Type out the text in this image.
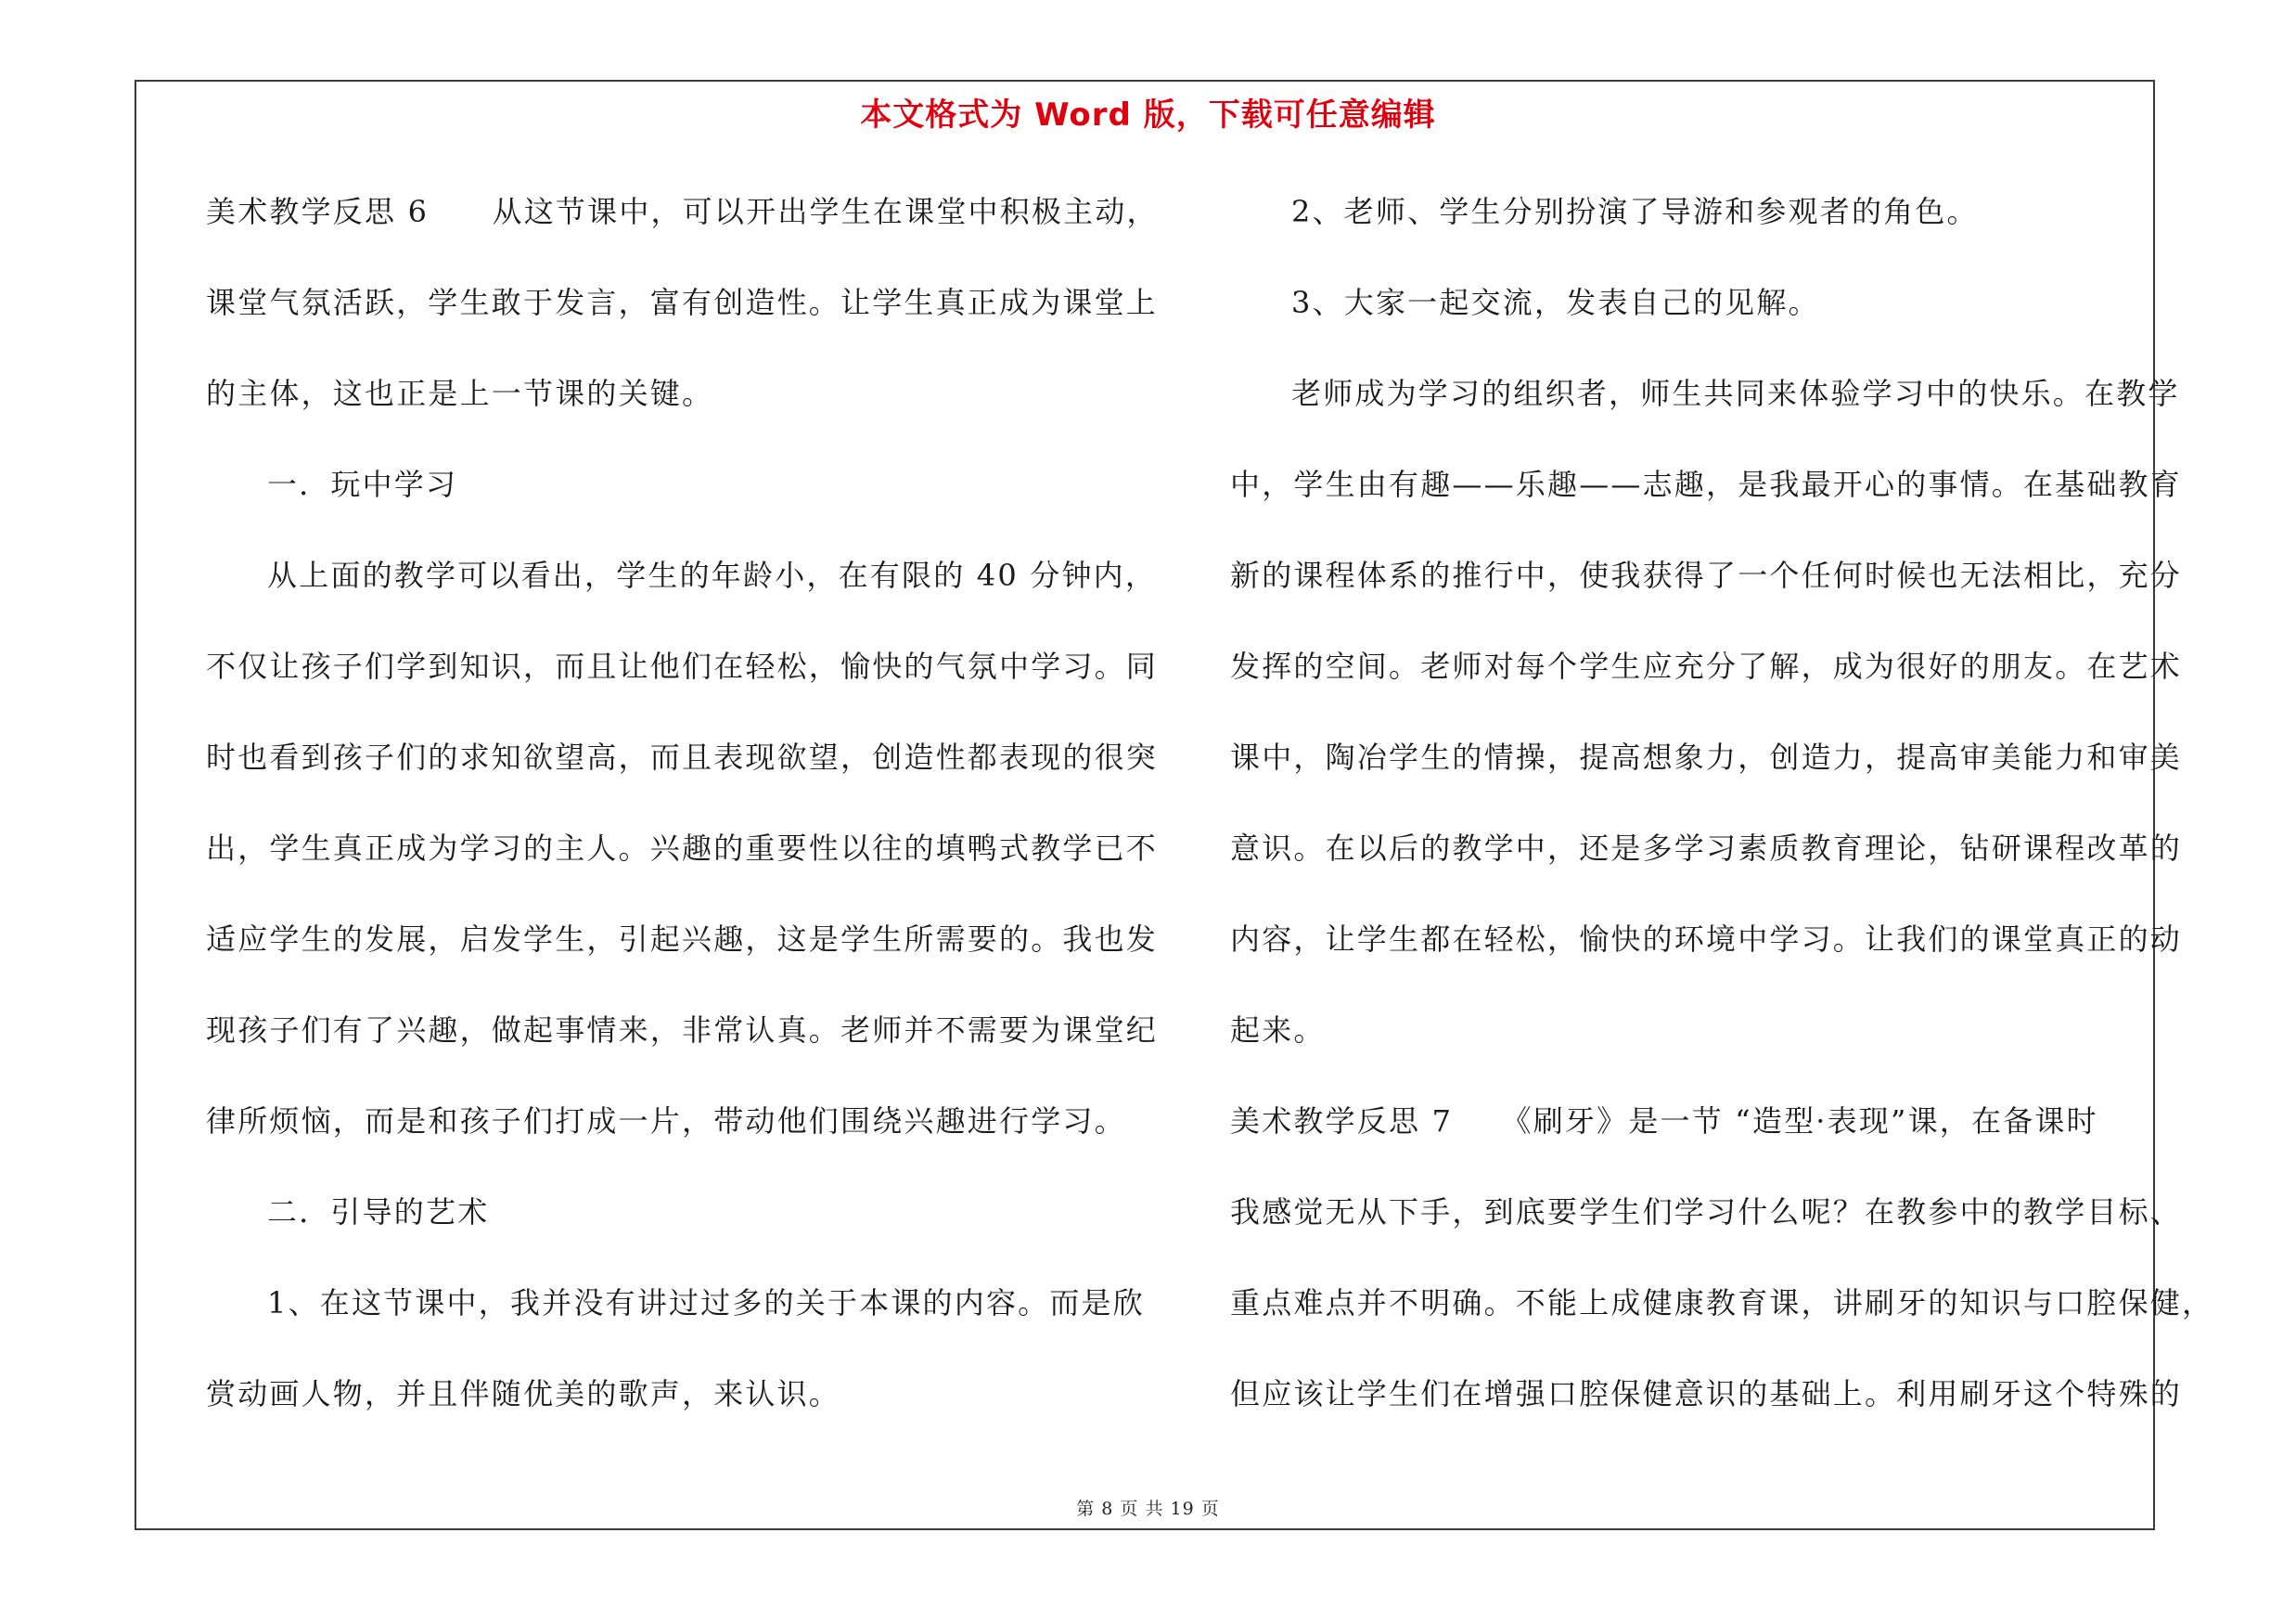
本文格式为 Word 版，下载可任意编辑
美术教学反思 6　　从这节课中，可以开出学生在课堂中积极主动，
课堂气氛活跃，学生敢于发言，富有创造性。让学生真正成为课堂上
的主体，这也正是上一节课的关键。
一．玩中学习
从上面的教学可以看出，学生的年龄小，在有限的 40 分钟内，
不仅让孩子们学到知识，而且让他们在轻松，愉快的气氛中学习。同
时也看到孩子们的求知欲望高，而且表现欲望，创造性都表现的很突
出，学生真正成为学习的主人。兴趣的重要性以往的填鸭式教学已不
适应学生的发展，启发学生，引起兴趣，这是学生所需要的。我也发
现孩子们有了兴趣，做起事情来，非常认真。老师并不需要为课堂纪
律所烦恼，而是和孩子们打成一片，带动他们围绕兴趣进行学习。
二．引导的艺术
1、在这节课中，我并没有讲过过多的关于本课的内容。而是欣
赏动画人物，并且伴随优美的歌声，来认识。
2、老师、学生分别扮演了导游和参观者的角色。
3、大家一起交流，发表自己的见解。
老师成为学习的组织者，师生共同来体验学习中的快乐。在教学
中，学生由有趣——乐趣——志趣，是我最开心的事情。在基础教育
新的课程体系的推行中，使我获得了一个任何时候也无法相比，充分
发挥的空间。老师对每个学生应充分了解，成为很好的朋友。在艺术
课中，陶冶学生的情操，提高想象力，创造力，提高审美能力和审美
意识。在以后的教学中，还是多学习素质教育理论，钻研课程改革的
内容，让学生都在轻松，愉快的环境中学习。让我们的课堂真正的动
起来。
美术教学反思 7　　《刷牙》是一节 “造型·表现”课，在备课时
我感觉无从下手，到底要学生们学习什么呢？在教参中的教学目标、
重点难点并不明确。不能上成健康教育课，讲刷牙的知识与口腔保健，
但应该让学生们在增强口腔保健意识的基础上。利用刷牙这个特殊的
第 8 页 共 19 页
